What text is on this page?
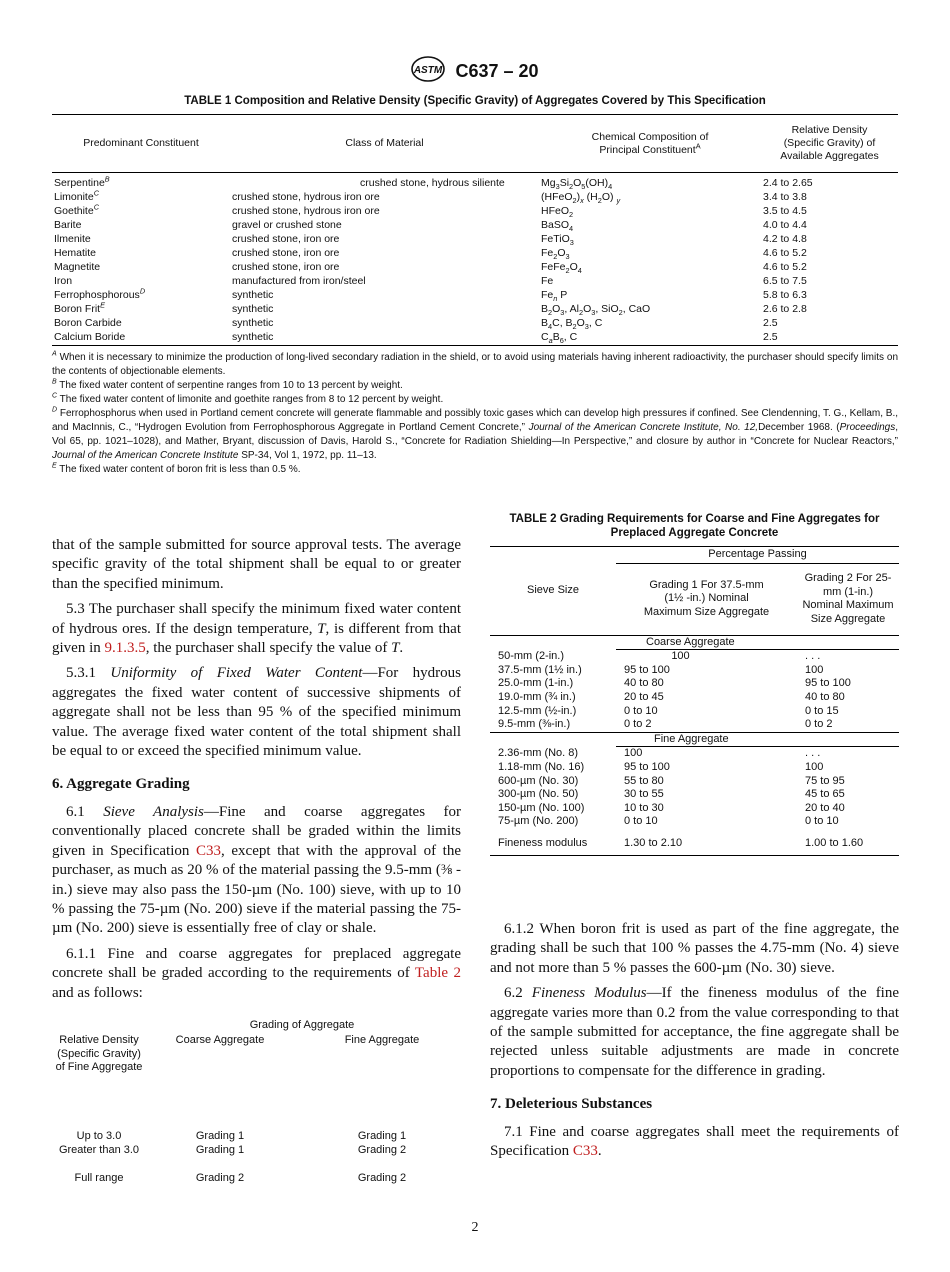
ASTM C637 – 20
TABLE 1 Composition and Relative Density (Specific Gravity) of Aggregates Covered by This Specification
Predominant Constituent	Class of Material	Chemical Composition of Principal Constituent$^A$	Relative Density (Specific Gravity) of Available Aggregates

Serpentine$^B$	crushed stone, hydrous siliente	$Mg_3Si_2O_5(OH)_4$	2.4 to 2.65
Limonite$^C$	crushed stone, hydrous iron ore	$(HFeO_2)_x$ $(H_2O)$ $_y$	3.4 to 3.8
Goethite$^C$	crushed stone, hydrous iron ore	HFeO$_2$	3.5 to 4.5
Barite	gravel or crushed stone	BaSO$_4$	4.0 to 4.4
Ilmenite	crushed stone, iron ore	FeTiO$_3$	4.2 to 4.8
Hematite	crushed stone, iron ore	$Fe_2O_3$	4.6 to 5.2
Magnetite	crushed stone, iron ore	$FeFe_2O_4$	4.6 to 5.2
Iron	manufactured from iron/steel	Fe	6.5 to 7.5
Ferrophosphorous$^D$	synthetic	$Fe_n$ P	5.8 to 6.3
Boron Frit$^E$	synthetic	$B_2O_3$, $Al_2O_3$, SiO$_2$, CaO	2.6 to 2.8
Boron Carbide	synthetic	$B_4C$, $B_2O_3$, C	2.5
Calcium Boride	synthetic	$C_aB_6$, C	2.5

$^A$ When it is necessary to minimize the production of long-lived secondary radiation in the shield, or to avoid using materials having inherent radioactivity, the purchaser should specify limits on the contents of objectionable elements.

$^B$ The fixed water content of serpentine ranges from 10 to 13 percent by weight.

$^C$ The fixed water content of limonite and goethite ranges from 8 to 12 percent by weight.

$^D$ Ferrophosphorus when used in Portland cement concrete will generate flammable and possibly toxic gases which can develop high pressures if confined. See Clendenning, T. G., Kellam, B., and MacInnis, C., “Hydrogen Evolution from Ferrophosphorous Aggregate in Portland Cement Concrete,” Journal of the American Concrete Institute, No. 12,December 1968. (Proceedings, Vol 65, pp. 1021–1028), and Mather, Bryant, discussion of Davis, Harold S., “Concrete for Radiation Shielding—In Perspective,” and closure by author in “Concrete for Nuclear Reactors,” Journal of the American Concrete Institute SP-34, Vol 1, 1972, pp. 11–13.

$^E$ The fixed water content of boron frit is less than 0.5 %.

that of the sample submitted for source approval tests. The average specific gravity of the total shipment shall be equal to or greater than the specified minimum.

5.3 The purchaser shall specify the minimum fixed water content of hydrous ores. If the design temperature, T, is different from that given in 9.1.3.5, the purchaser shall specify the value of T.

5.3.1 Uniformity of Fixed Water Content—For hydrous aggregates the fixed water content of successive shipments of aggregate shall not be less than 95 % of the specified minimum value. The average fixed water content of the total shipment shall be equal to or exceed the specified minimum value.

6. Aggregate Grading

6.1 Sieve Analysis—Fine and coarse aggregates for conventionally placed concrete shall be graded within the limits given in Specification C33, except that with the approval of the purchaser, as much as 20 % of the material passing the 9.5-mm (⅜ -in.) sieve may also pass the 150-µm (No. 100) sieve, with up to 10 % passing the 75-µm (No. 200) sieve if the material passing the 75-µm (No. 200) sieve is essentially free of clay or shale.

6.1.1 Fine and coarse aggregates for preplaced aggregate concrete shall be graded according to the requirements of Table 2 and as follows:

Grading of Aggregate
Relative Density (Specific Gravity) of Fine Aggregate
Coarse Aggregate	Fine Aggregate
Up to 3.0	Grading 1	Grading 1
Greater than 3.0	Grading 1	Grading 2
Full range	Grading 2	Grading 2
TABLE 2 Grading Requirements for Coarse and Fine Aggregates for Preplaced Aggregate Concrete
Sieve Size	Percentage Passing	

	Grading 1 For 37.5-mm (1½ -in.) Nominal Maximum Size Aggregate	Grading 2 For 25-mm (1-in.) Nominal Maximum Size Aggregate

	Coarse Aggregate	
50-mm (2-in.)	100	. . .
37.5-mm (1½ in.)	95 to 100	100
25.0-mm (1-in.)	40 to 80	95 to 100
19.0-mm (¾ in.)	20 to 45	40 to 80
12.5-mm (½-in.)	0 to 10	0 to 15
9.5-mm (⅜-in.)	0 to 2	0 to 2
	Fine Aggregate	
2.36-mm (No. 8)	100	. . .
1.18-mm (No. 16)	95 to 100	100
600-µm (No. 30)	55 to 80	75 to 95
300-µm (No. 50)	30 to 55	45 to 65
150-µm (No. 100)	10 to 30	20 to 40
75-µm (No. 200)	0 to 10	0 to 10

Fineness modulus	1.30 to 2.10	1.00 to 1.60

6.1.2 When boron frit is used as part of the fine aggregate, the grading shall be such that 100 % passes the 4.75-mm (No. 4) sieve and not more than 5 % passes the 600-µm (No. 30) sieve.

6.2 Fineness Modulus—If the fineness modulus of the fine aggregate varies more than 0.2 from the value corresponding to that of the sample submitted for acceptance, the fine aggregate shall be rejected unless suitable adjustments are made in concrete proportions to compensate for the difference in grading.

7. Deleterious Substances

7.1 Fine and coarse aggregates shall meet the requirements of Specification C33.

2
